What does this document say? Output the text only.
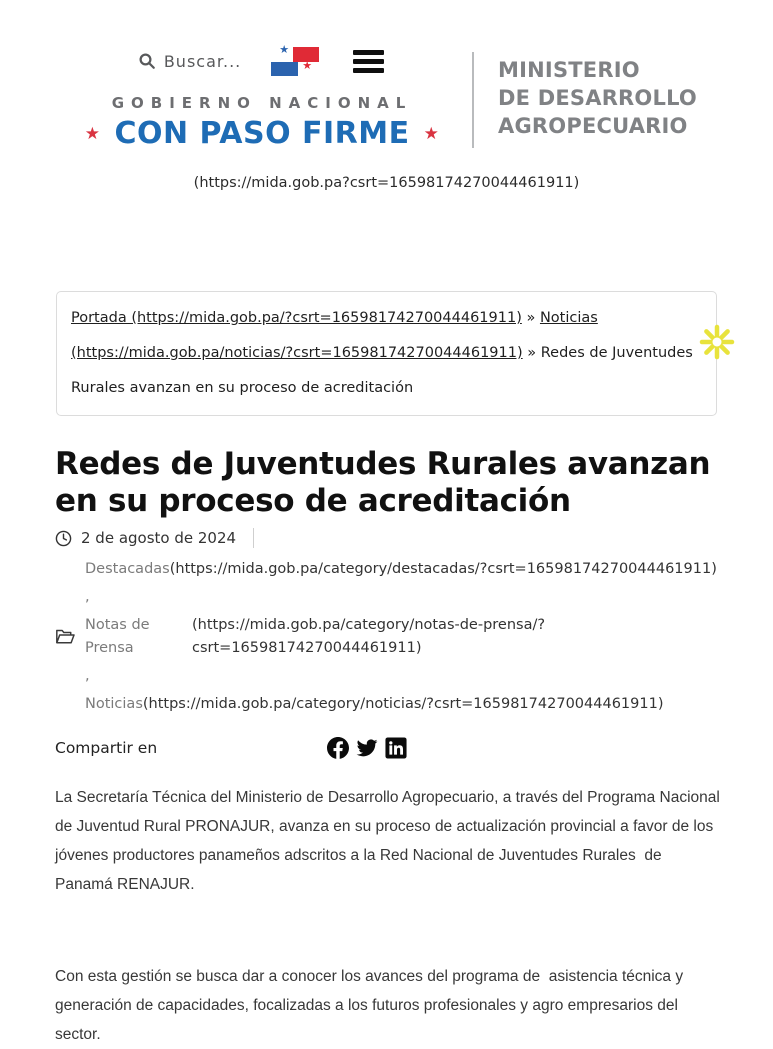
Buscar...
★
★
GOBIERNO NACIONAL
★ CON PASO FIRME ★
MINISTERIO
DE DESARROLLO
AGROPECUARIO
(https://mida.gob.pa?csrt=16598174270044461911)
Portada (https://mida.gob.pa/?csrt=16598174270044461911) » Noticias (https://mida.gob.pa/noticias/?csrt=16598174270044461911) » Redes de Juventudes Rurales avanzan en su proceso de acreditación
Redes de Juventudes Rurales avanzan en su proceso de acreditación
2 de agosto de 2024
Destacadas(https://mida.gob.pa/category/destacadas/?csrt=16598174270044461911)
,
Notas de Prensa
(https://mida.gob.pa/category/notas-de-prensa/?csrt=16598174270044461911)
,
Noticias(https://mida.gob.pa/category/noticias/?csrt=16598174270044461911)
Compartir en

La Secretaría Técnica del Ministerio de Desarrollo Agropecuario, a través del Programa Nacional de Juventud Rural PRONAJUR, avanza en su proceso de actualización provincial a favor de los jóvenes productores panameños adscritos a la Red Nacional de Juventudes Rurales  de Panamá RENAJUR.

Con esta gestión se busca dar a conocer los avances del programa de  asistencia técnica y generación de capacidades, focalizadas a los futuros profesionales y agro empresarios del sector.
